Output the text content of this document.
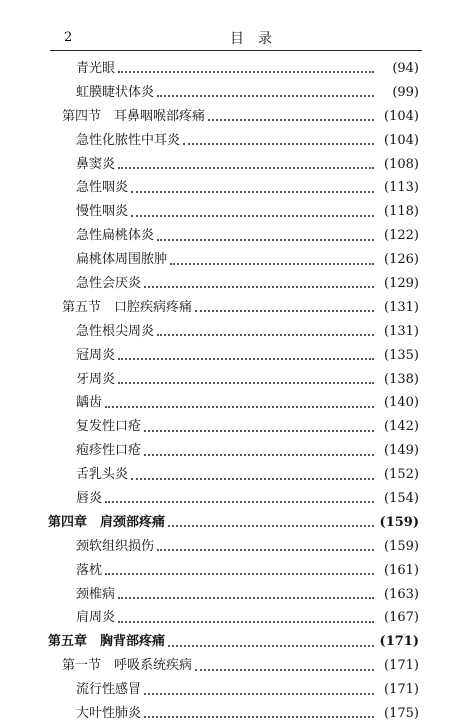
2	目录
青光眼	(94)
虹膜睫状体炎	(99)
第四节　耳鼻咽喉部疼痛	(104)
急性化脓性中耳炎	(104)
鼻窦炎	(108)
急性咽炎	(113)
慢性咽炎	(118)
急性扁桃体炎	(122)
扁桃体周围脓肿	(126)
急性会厌炎	(129)
第五节　口腔疾病疼痛	(131)
急性根尖周炎	(131)
冠周炎	(135)
牙周炎	(138)
龋齿	(140)
复发性口疮	(142)
疱疹性口疮	(149)
舌乳头炎	(152)
唇炎	(154)
第四章　肩颈部疼痛	(159)
颈软组织损伤	(159)
落枕	(161)
颈椎病	(163)
肩周炎	(167)
第五章　胸背部疼痛	(171)
第一节　呼吸系统疾病	(171)
流行性感冒	(171)
大叶性肺炎	(175)
